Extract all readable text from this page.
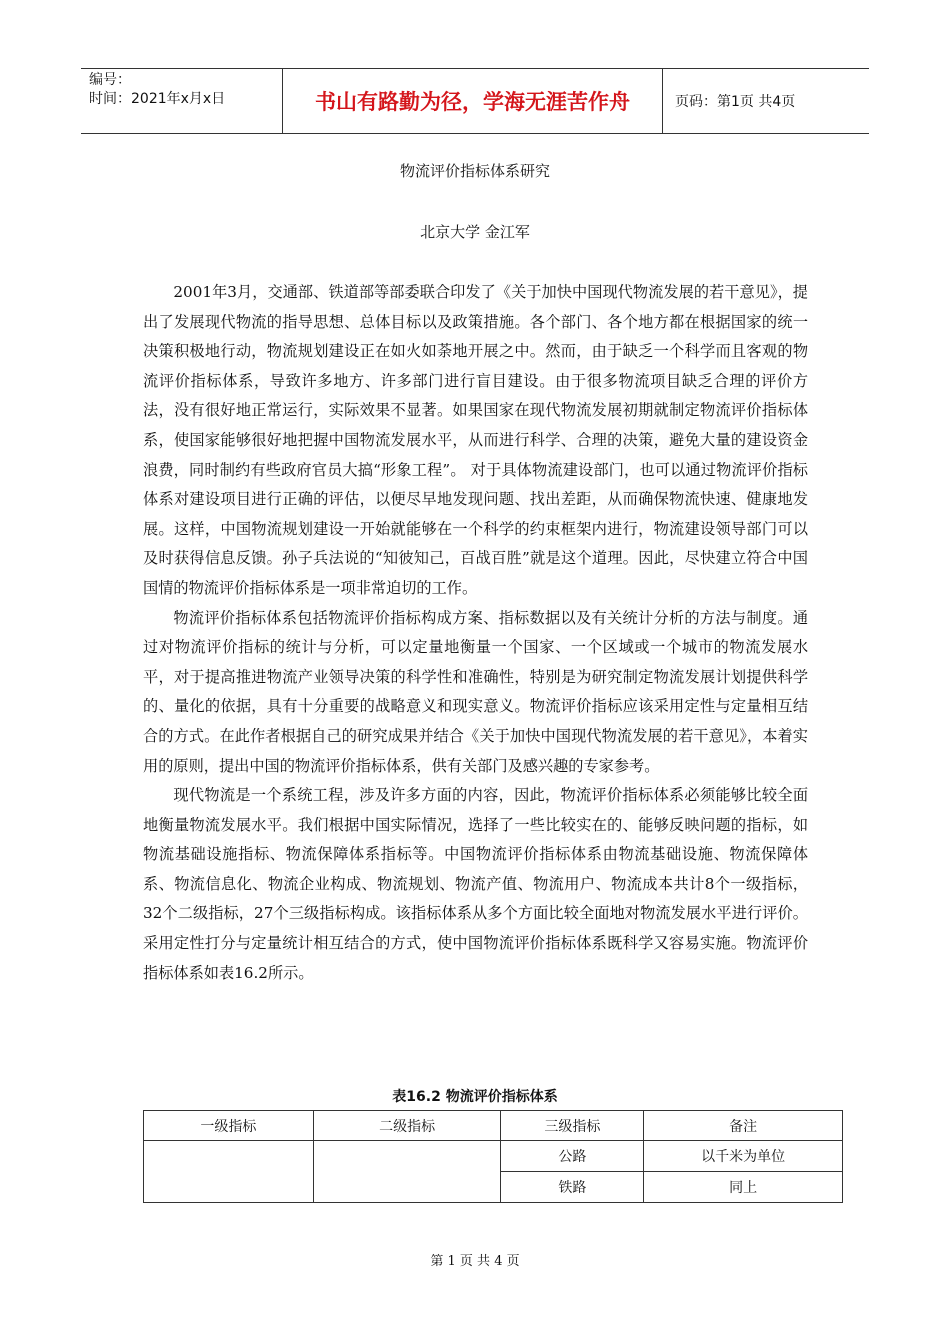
编号：
时间：2021年x月x日	书山有路勤为径，学海无涯苦作舟	页码：第1页 共4页
物流评价指标体系研究
北京大学 金江军

2001年3月，交通部、铁道部等部委联合印发了《关于加快中国现代物流发展的若干意见》，提出了发展现代物流的指导思想、总体目标以及政策措施。各个部门、各个地方都在根据国家的统一决策积极地行动，物流规划建设正在如火如荼地开展之中。然而，由于缺乏一个科学而且客观的物流评价指标体系，导致许多地方、许多部门进行盲目建设。由于很多物流项目缺乏合理的评价方法，没有很好地正常运行，实际效果不显著。如果国家在现代物流发展初期就制定物流评价指标体系，使国家能够很好地把握中国物流发展水平，从而进行科学、合理的决策，避免大量的建设资金浪费，同时制约有些政府官员大搞“形象工程”。 对于具体物流建设部门，也可以通过物流评价指标体系对建设项目进行正确的评估，以便尽早地发现问题、找出差距，从而确保物流快速、健康地发展。这样，中国物流规划建设一开始就能够在一个科学的约束框架内进行，物流建设领导部门可以及时获得信息反馈。孙子兵法说的“知彼知己，百战百胜”就是这个道理。因此，尽快建立符合中国国情的物流评价指标体系是一项非常迫切的工作。

物流评价指标体系包括物流评价指标构成方案、指标数据以及有关统计分析的方法与制度。通过对物流评价指标的统计与分析，可以定量地衡量一个国家、一个区域或一个城市的物流发展水平，对于提高推进物流产业领导决策的科学性和准确性，特别是为研究制定物流发展计划提供科学的、量化的依据，具有十分重要的战略意义和现实意义。物流评价指标应该采用定性与定量相互结合的方式。在此作者根据自己的研究成果并结合《关于加快中国现代物流发展的若干意见》，本着实用的原则，提出中国的物流评价指标体系，供有关部门及感兴趣的专家参考。

现代物流是一个系统工程，涉及许多方面的内容，因此，物流评价指标体系必须能够比较全面地衡量物流发展水平。我们根据中国实际情况，选择了一些比较实在的、能够反映问题的指标，如物流基础设施指标、物流保障体系指标等。中国物流评价指标体系由物流基础设施、物流保障体系、物流信息化、物流企业构成、物流规划、物流产值、物流用户、物流成本共计8个一级指标，32个二级指标，27个三级指标构成。该指标体系从多个方面比较全面地对物流发展水平进行评价。采用定性打分与定量统计相互结合的方式，使中国物流评价指标体系既科学又容易实施。物流评价指标体系如表16.2所示。

表16.2 物流评价指标体系
一级指标	二级指标	三级指标	备注
		公路	以千米为单位
		铁路	同上
第 1 页 共 4 页
